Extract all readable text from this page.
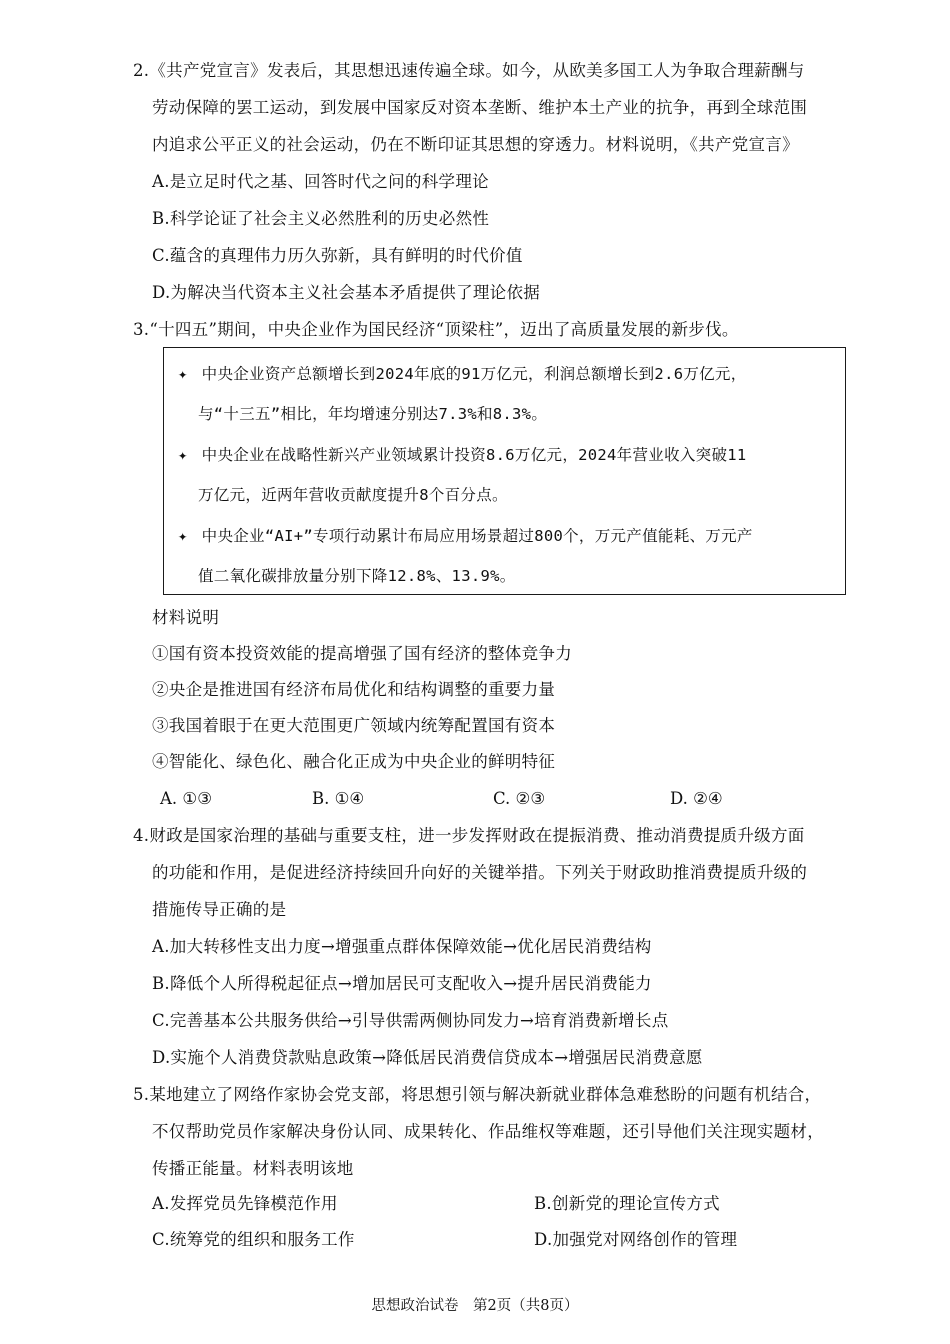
2.《共产党宣言》发表后，其思想迅速传遍全球。如今，从欧美多国工人为争取合理薪酬与
劳动保障的罢工运动，到发展中国家反对资本垄断、维护本土产业的抗争，再到全球范围
内追求公平正义的社会运动，仍在不断印证其思想的穿透力。材料说明，《共产党宣言》
A.是立足时代之基、回答时代之问的科学理论
B.科学论证了社会主义必然胜利的历史必然性
C.蕴含的真理伟力历久弥新，具有鲜明的时代价值
D.为解决当代资本主义社会基本矛盾提供了理论依据
3.“十四五”期间，中央企业作为国民经济“顶梁柱”，迈出了高质量发展的新步伐。
✦ 中央企业资产总额增长到2024年底的91万亿元，利润总额增长到2.6万亿元，
与“十三五”相比，年均增速分别达7.3%和8.3%。
✦ 中央企业在战略性新兴产业领域累计投资8.6万亿元，2024年营业收入突破11
万亿元，近两年营收贡献度提升8个百分点。
✦ 中央企业“AI+”专项行动累计布局应用场景超过800个，万元产值能耗、万元产
值二氧化碳排放量分别下降12.8%、13.9%。
材料说明
①国有资本投资效能的提高增强了国有经济的整体竞争力
②央企是推进国有经济布局优化和结构调整的重要力量
③我国着眼于在更大范围更广领域内统筹配置国有资本
④智能化、绿色化、融合化正成为中央企业的鲜明特征
A. ①③	B. ①④	C. ②③	D. ②④
4.财政是国家治理的基础与重要支柱，进一步发挥财政在提振消费、推动消费提质升级方面
的功能和作用，是促进经济持续回升向好的关键举措。下列关于财政助推消费提质升级的
措施传导正确的是
A.加大转移性支出力度→增强重点群体保障效能→优化居民消费结构
B.降低个人所得税起征点→增加居民可支配收入→提升居民消费能力
C.完善基本公共服务供给→引导供需两侧协同发力→培育消费新增长点
D.实施个人消费贷款贴息政策→降低居民消费信贷成本→增强居民消费意愿
5.某地建立了网络作家协会党支部，将思想引领与解决新就业群体急难愁盼的问题有机结合，
不仅帮助党员作家解决身份认同、成果转化、作品维权等难题，还引导他们关注现实题材，
传播正能量。材料表明该地
A.发挥党员先锋模范作用	B.创新党的理论宣传方式
C.统筹党的组织和服务工作	D.加强党对网络创作的管理
思想政治试卷　第2页（共8页）
